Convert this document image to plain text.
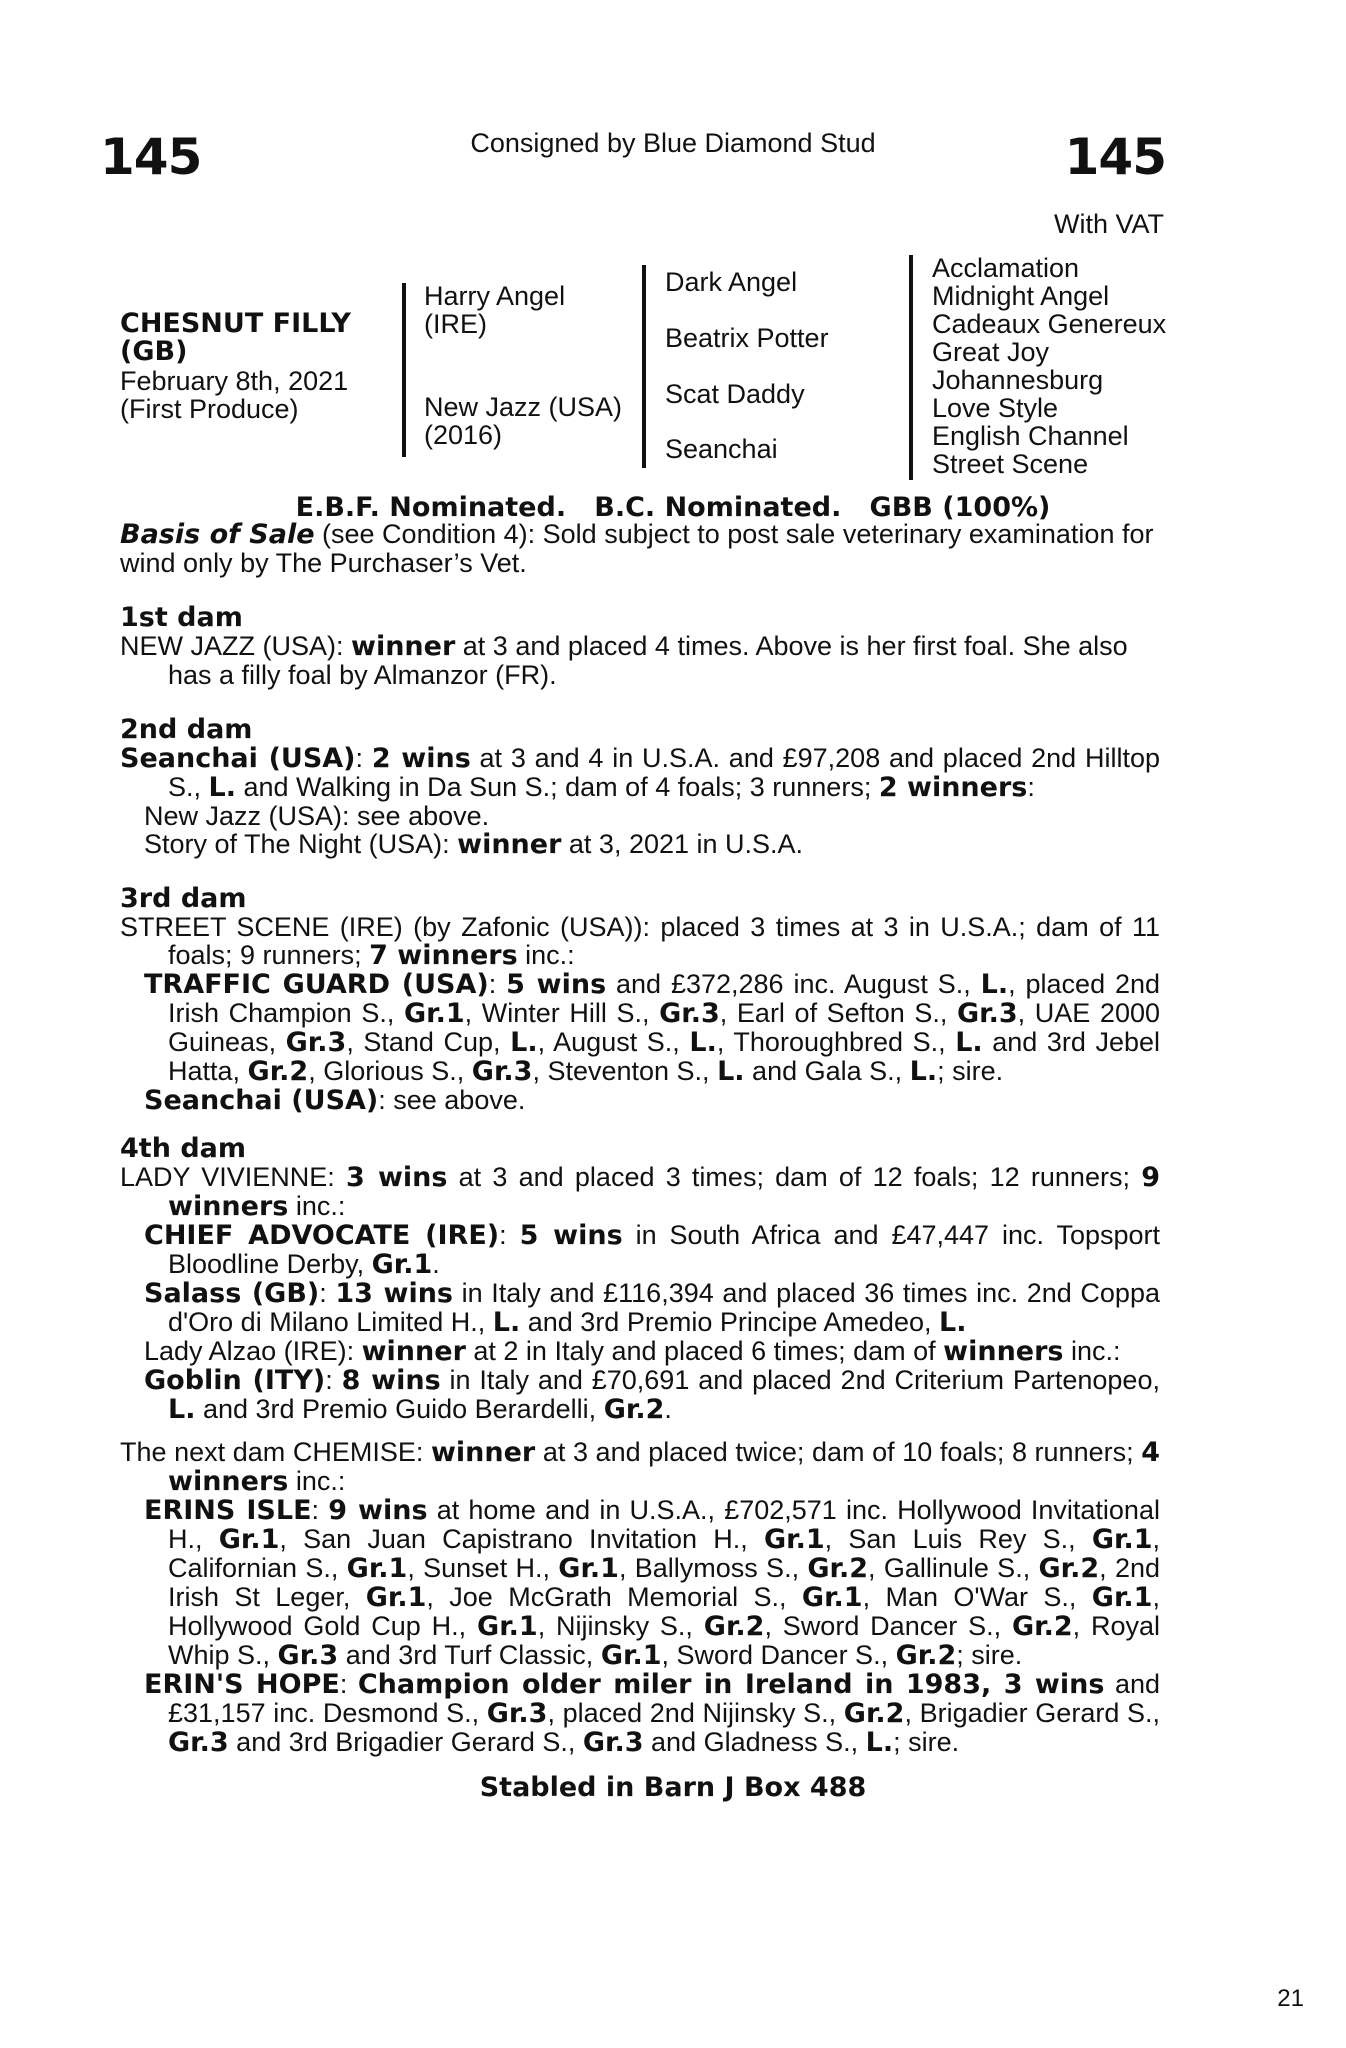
145	Consigned by Blue Diamond Stud	145
With VAT
CHESNUT FILLY
(GB)
February 8th, 2021
(First Produce)
Harry Angel
(IRE)
New Jazz (USA)
(2016)
Dark Angel
Beatrix Potter
Scat Daddy
Seanchai
Acclamation
Midnight Angel
Cadeaux Genereux
Great Joy
Johannesburg
Love Style
English Channel
Street Scene
E.B.F. Nominated.   B.C. Nominated.   GBB (100%)

Basis of Sale (see Condition 4): Sold subject to post sale veterinary examination for wind only by The Purchaser’s Vet.

1st dam

NEW JAZZ (USA): winner at 3 and placed 4 times. Above is her first foal. She also has a filly foal by Almanzor (FR).

2nd dam

Seanchai (USA): 2 wins at 3 and 4 in U.S.A. and £97,208 and placed 2nd Hilltop S., L. and Walking in Da Sun S.; dam of 4 foals; 3 runners; 2 winners:

New Jazz (USA): see above.

Story of The Night (USA): winner at 3, 2021 in U.S.A.

3rd dam

STREET SCENE (IRE) (by Zafonic (USA)): placed 3 times at 3 in U.S.A.; dam of 11 foals; 9 runners; 7 winners inc.:

TRAFFIC GUARD (USA): 5 wins and £372,286 inc. August S., L., placed 2nd Irish Champion S., Gr.1, Winter Hill S., Gr.3, Earl of Sefton S., Gr.3, UAE 2000 Guineas, Gr.3, Stand Cup, L., August S., L., Thoroughbred S., L. and 3rd Jebel Hatta, Gr.2, Glorious S., Gr.3, Steventon S., L. and Gala S., L.; sire.

Seanchai (USA): see above.

4th dam

LADY VIVIENNE: 3 wins at 3 and placed 3 times; dam of 12 foals; 12 runners; 9 winners inc.:

CHIEF ADVOCATE (IRE): 5 wins in South Africa and £47,447 inc. Topsport Bloodline Derby, Gr.1.

Salass (GB): 13 wins in Italy and £116,394 and placed 36 times inc. 2nd Coppa d'Oro di Milano Limited H., L. and 3rd Premio Principe Amedeo, L.

Lady Alzao (IRE): winner at 2 in Italy and placed 6 times; dam of winners inc.:

Goblin (ITY): 8 wins in Italy and £70,691 and placed 2nd Criterium Partenopeo, L. and 3rd Premio Guido Berardelli, Gr.2.

The next dam CHEMISE: winner at 3 and placed twice; dam of 10 foals; 8 runners; 4 winners inc.:

ERINS ISLE: 9 wins at home and in U.S.A., £702,571 inc. Hollywood Invitational H., Gr.1, San Juan Capistrano Invitation H., Gr.1, San Luis Rey S., Gr.1, Californian S., Gr.1, Sunset H., Gr.1, Ballymoss S., Gr.2, Gallinule S., Gr.2, 2nd Irish St Leger, Gr.1, Joe McGrath Memorial S., Gr.1, Man O'War S., Gr.1, Hollywood Gold Cup H., Gr.1, Nijinsky S., Gr.2, Sword Dancer S., Gr.2, Royal Whip S., Gr.3 and 3rd Turf Classic, Gr.1, Sword Dancer S., Gr.2; sire.

ERIN'S HOPE: Champion older miler in Ireland in 1983, 3 wins and £31,157 inc. Desmond S., Gr.3, placed 2nd Nijinsky S., Gr.2, Brigadier Gerard S., Gr.3 and 3rd Brigadier Gerard S., Gr.3 and Gladness S., L.; sire.

Stabled in Barn J Box 488
21
